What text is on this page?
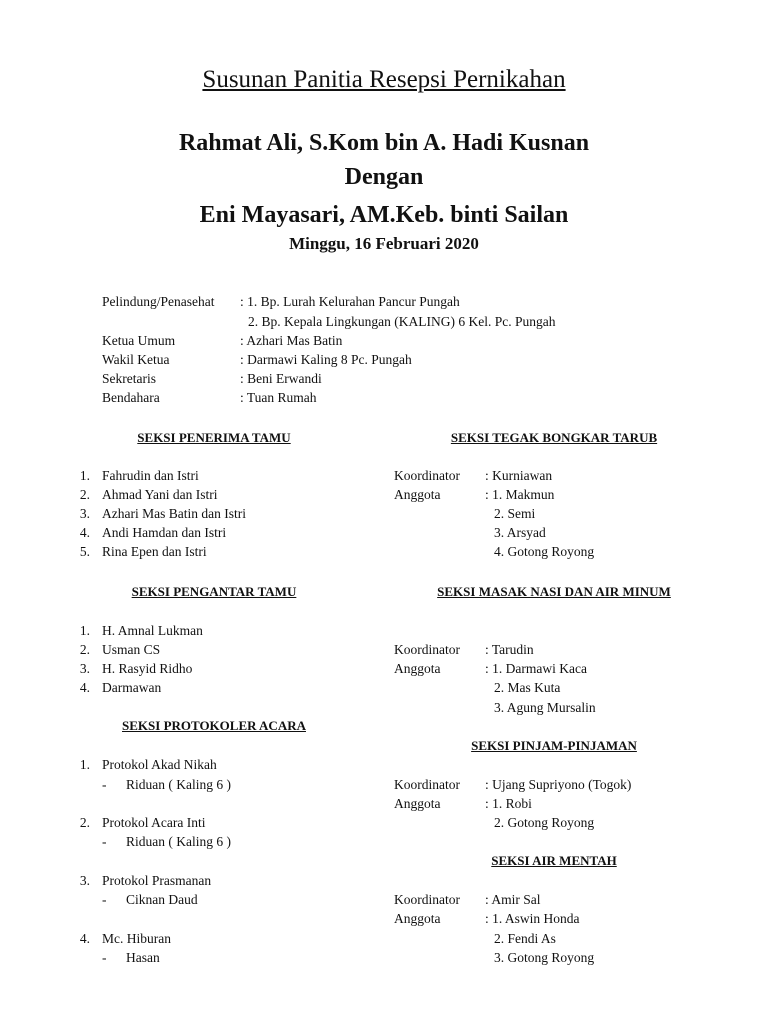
Susunan Panitia Resepsi Pernikahan
Rahmat Ali, S.Kom bin A. Hadi Kusnan
Dengan
Eni Mayasari, AM.Keb. binti Sailan
Minggu, 16 Februari 2020
Pelindung/Penasehat : 1. Bp. Lurah Kelurahan Pancur Pungah
2. Bp. Kepala Lingkungan (KALING) 6 Kel. Pc. Pungah
Ketua Umum	: Azhari Mas Batin
Wakil Ketua	: Darmawi Kaling 8 Pc. Pungah
Sekretaris	: Beni Erwandi
Bendahara	: Tuan Rumah
SEKSI PENERIMA TAMU
1. Fahrudin dan Istri
2. Ahmad Yani dan Istri
3. Azhari Mas Batin dan Istri
4. Andi Hamdan dan Istri
5. Rina Epen dan Istri
SEKSI PENGANTAR TAMU
1. H. Amnal Lukman
2. Usman CS
3. H. Rasyid Ridho
4. Darmawan
SEKSI PROTOKOLER ACARA
1. Protokol Akad Nikah
- Riduan ( Kaling 6 )
2. Protokol Acara Inti
- Riduan ( Kaling 6 )
3. Protokol Prasmanan
- Ciknan Daud
4. Mc. Hiburan
- Hasan
SEKSI TEGAK BONGKAR TARUB
Koordinator : Kurniawan
Anggota	: 1. Makmun
2. Semi
3. Arsyad
4. Gotong Royong
SEKSI MASAK NASI DAN AIR MINUM
Koordinator : Tarudin
Anggota	: 1. Darmawi Kaca
2. Mas Kuta
3. Agung Mursalin
SEKSI PINJAM-PINJAMAN
Koordinator : Ujang Supriyono (Togok)
Anggota	: 1. Robi
2. Gotong Royong
SEKSI AIR MENTAH
Koordinator : Amir Sal
Anggota	: 1. Aswin Honda
2. Fendi As
3. Gotong Royong
